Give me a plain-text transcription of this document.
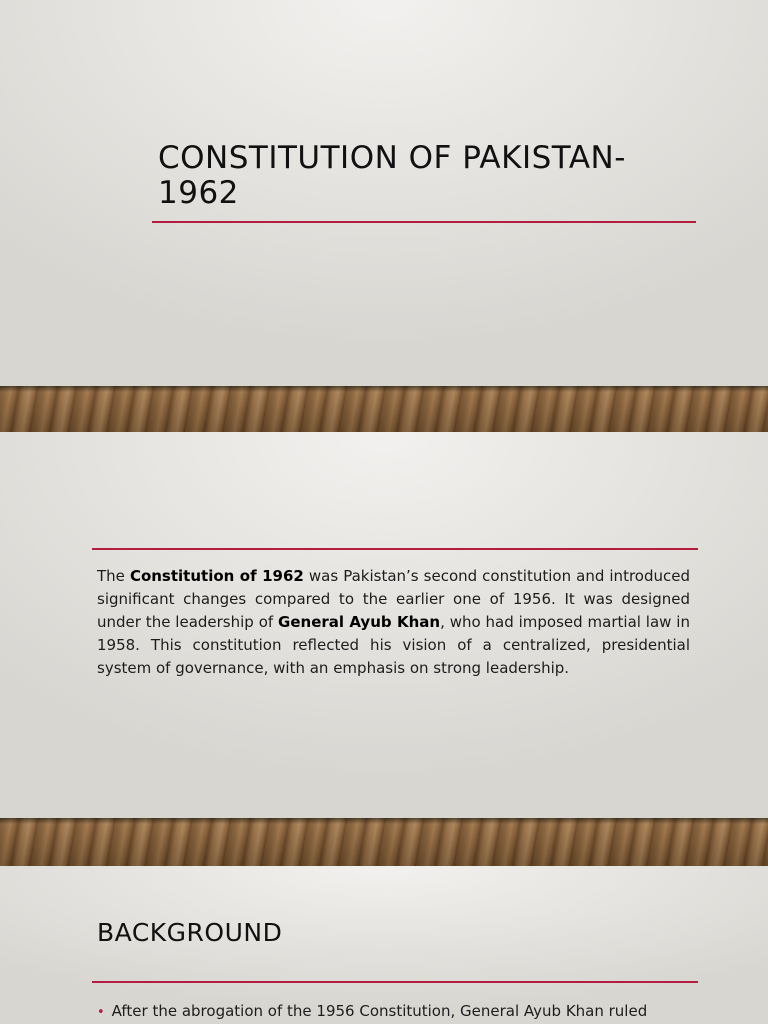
CONSTITUTION OF PAKISTAN-1962
The Constitution of 1962 was Pakistan’s second constitution and introduced significant changes compared to the earlier one of 1956. It was designed under the leadership of General Ayub Khan, who had imposed martial law in 1958. This constitution reflected his vision of a centralized, presidential system of governance, with an emphasis on strong leadership.
BACKGROUND
• After the abrogation of the 1956 Constitution, General Ayub Khan ruled
